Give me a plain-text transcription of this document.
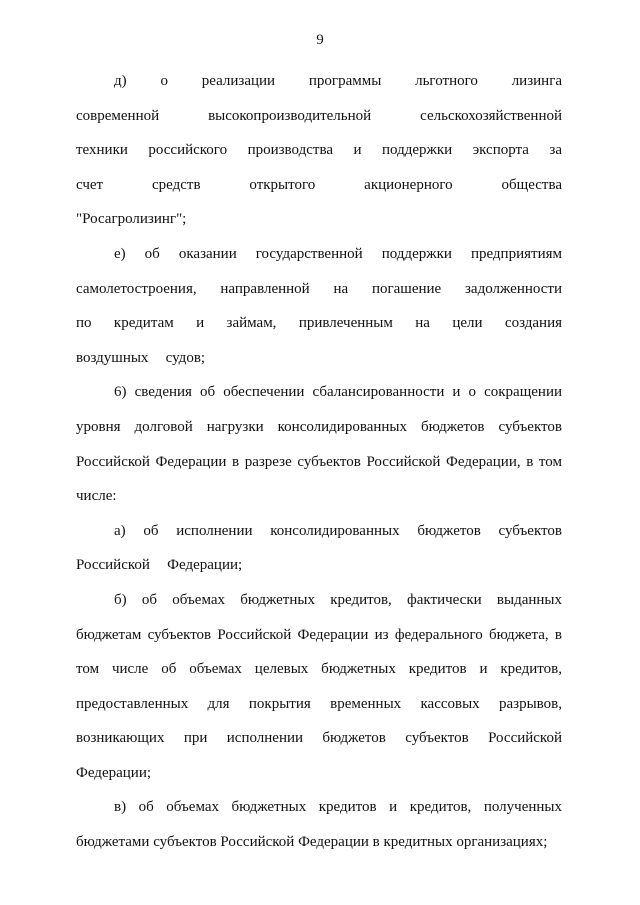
9

д) о реализации программы льготного лизинга современной высокопроизводительной сельскохозяйственной техники российского производства и поддержки экспорта за счет средств открытого акционерного общества "Росагролизинг";

е) об оказании государственной поддержки предприятиям самолетостроения, направленной на погашение задолженности по кредитам и займам, привлеченным на цели создания воздушных судов;

6) сведения об обеспечении сбалансированности и о сокращении уровня долговой нагрузки консолидированных бюджетов субъектов Российской Федерации в разрезе субъектов Российской Федерации, в том числе:

а) об исполнении консолидированных бюджетов субъектов Российской Федерации;

б) об объемах бюджетных кредитов, фактически выданных бюджетам субъектов Российской Федерации из федерального бюджета, в том числе об объемах целевых бюджетных кредитов и кредитов, предоставленных для покрытия временных кассовых разрывов, возникающих при исполнении бюджетов субъектов Российской Федерации;

в) об объемах бюджетных кредитов и кредитов, полученных бюджетами субъектов Российской Федерации в кредитных организациях;
